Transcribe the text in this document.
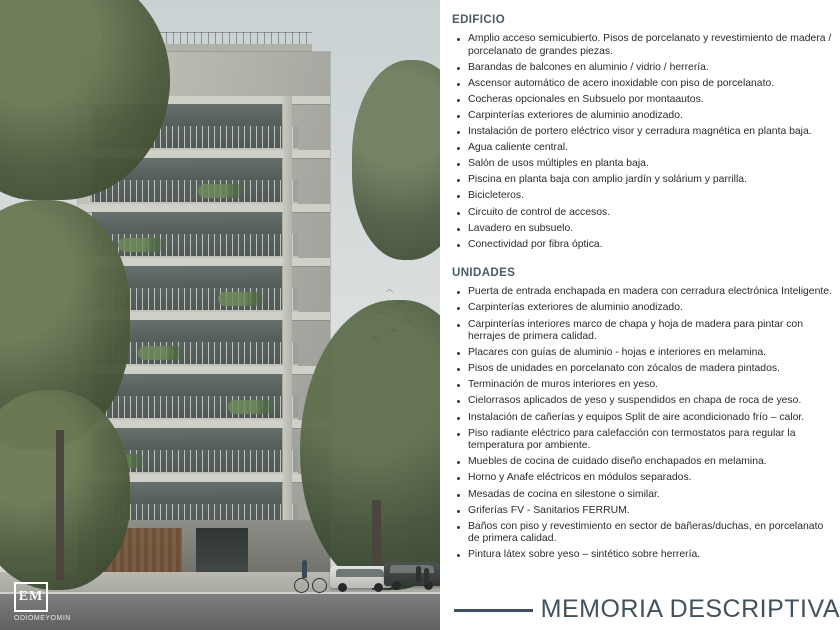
︿
︿
︿
︿
︿
︿
EM
ODIOMEYOMIN
EDIFICIO
Amplio acceso semicubierto. Pisos de porcelanato y revestimiento de madera / porcelanato de grandes piezas.
Barandas de balcones en aluminio / vidrio / herrería.
Ascensor automático de acero inoxidable con piso de porcelanato.
Cocheras opcionales en Subsuelo por montaautos.
Carpinterías exteriores de aluminio anodizado.
Instalación de portero eléctrico visor y cerradura magnética en planta baja.
Agua caliente central.
Salón de usos múltiples en planta baja.
Piscina en planta baja con amplio jardín y solárium y parrilla.
Bicicleteros.
Circuito de control de accesos.
Lavadero en subsuelo.
Conectividad por fibra óptica.
UNIDADES
Puerta de entrada enchapada en madera con cerradura electrónica Inteligente.
Carpinterías exteriores de aluminio anodizado.
Carpinterías interiores marco de chapa y hoja de madera para pintar con herrajes de primera calidad.
Placares con guías de aluminio - hojas e interiores en melamina.
Pisos de unidades en porcelanato con zócalos de madera pintados.
Terminación de muros interiores en yeso.
Cielorrasos aplicados de yeso y suspendidos en chapa de roca de yeso.
Instalación de cañerías y equipos Split de aire acondicionado frío – calor.
Piso radiante eléctrico para calefacción con termostatos para regular la temperatura por ambiente.
Muebles de cocina de cuidado diseño enchapados en melamina.
Horno y Anafe eléctricos en módulos separados.
Mesadas de cocina en silestone o similar.
Griferías FV - Sanitarios FERRUM.
Baños con piso y revestimiento en sector de bañeras/duchas, en porcelanato de primera calidad.
Pintura látex sobre yeso – sintético sobre herrería.
MEMORIA DESCRIPTIVA
